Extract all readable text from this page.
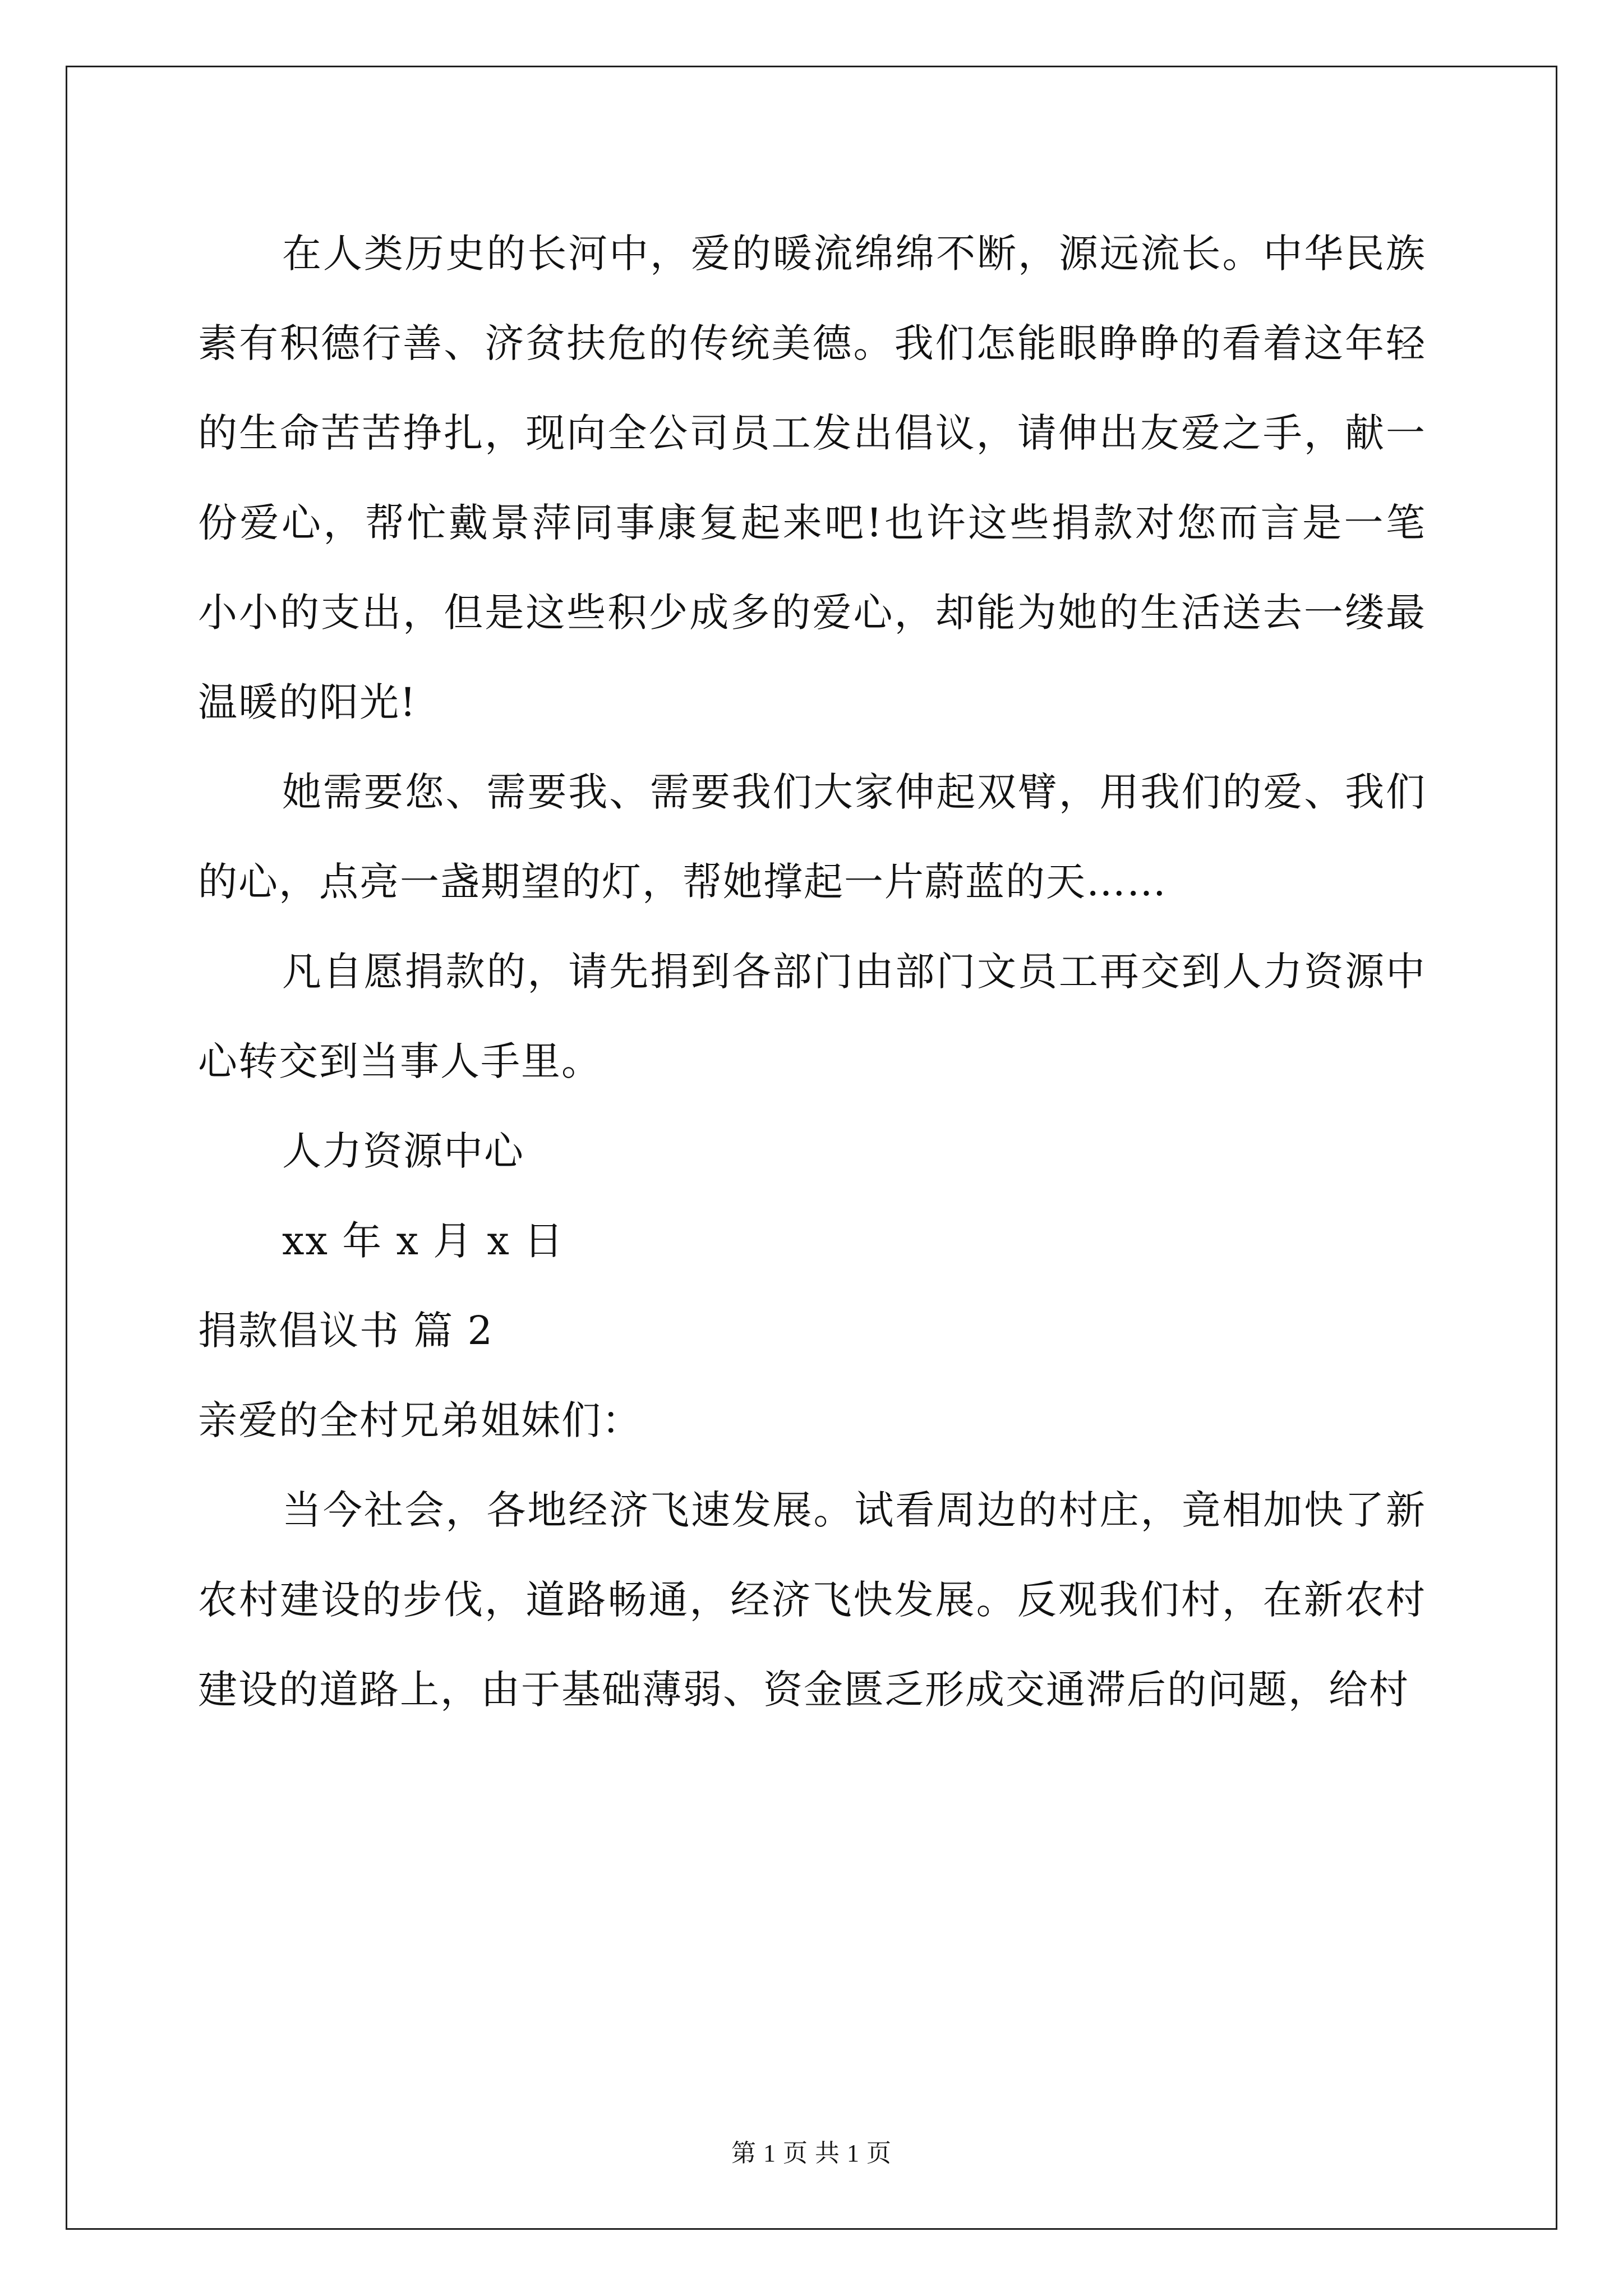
在人类历史的长河中，爱的暖流绵绵不断，源远流长。中华民族素有积德行善、济贫扶危的传统美德。我们怎能眼睁睁的看着这年轻的生命苦苦挣扎，现向全公司员工发出倡议，请伸出友爱之手，献一份爱心，帮忙戴景萍同事康复起来吧!也许这些捐款对您而言是一笔小小的支出，但是这些积少成多的爱心，却能为她的生活送去一缕最温暖的阳光!

她需要您、需要我、需要我们大家伸起双臂，用我们的爱、我们的心，点亮一盏期望的灯，帮她撑起一片蔚蓝的天……

凡自愿捐款的，请先捐到各部门由部门文员工再交到人力资源中心转交到当事人手里。

人力资源中心

xx 年 x 月 x 日

捐款倡议书 篇 2

亲爱的全村兄弟姐妹们：

当今社会，各地经济飞速发展。试看周边的村庄，竟相加快了新农村建设的步伐，道路畅通，经济飞快发展。反观我们村，在新农村建设的道路上，由于基础薄弱、资金匮乏形成交通滞后的问题，给村

第 1 页 共 1 页
